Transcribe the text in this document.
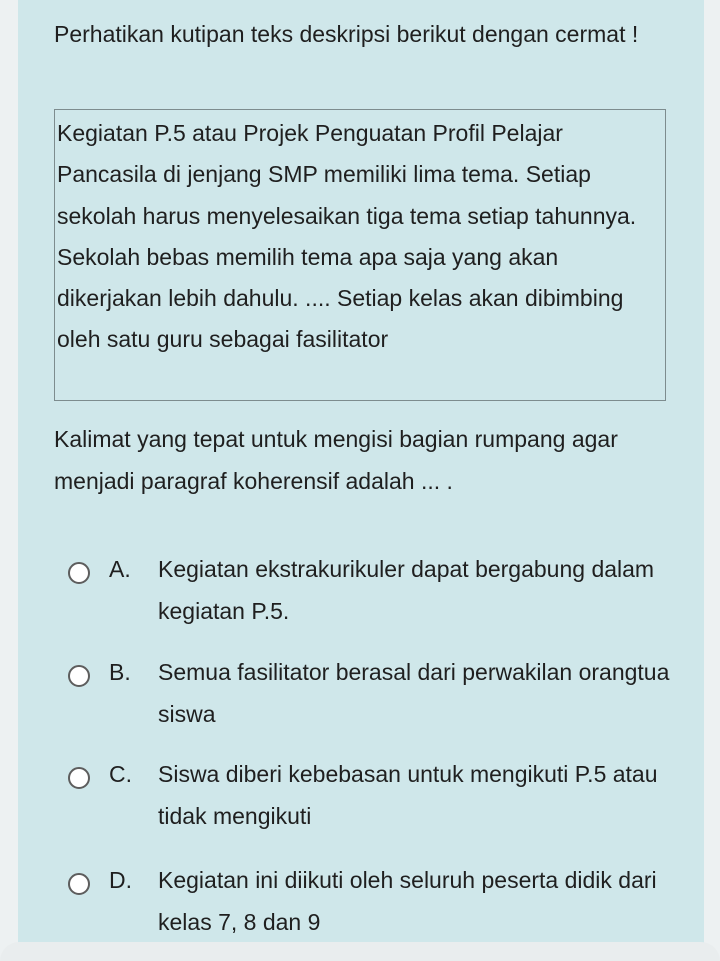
Perhatikan kutipan teks deskripsi berikut dengan cermat !
Kegiatan P.5 atau Projek Penguatan Profil Pelajar Pancasila di jenjang SMP memiliki lima tema. Setiap sekolah harus menyelesaikan tiga tema setiap tahunnya. Sekolah bebas memilih tema apa saja yang akan dikerjakan lebih dahulu. .... Setiap kelas akan dibimbing oleh satu guru sebagai fasilitator
Kalimat yang tepat untuk mengisi bagian rumpang agar menjadi paragraf koherensif adalah ... .
A. Kegiatan ekstrakurikuler dapat bergabung dalam kegiatan P.5.
B. Semua fasilitator berasal dari perwakilan orangtua siswa
C. Siswa diberi kebebasan untuk mengikuti P.5 atau tidak mengikuti
D. Kegiatan ini diikuti oleh seluruh peserta didik dari kelas 7, 8 dan 9
